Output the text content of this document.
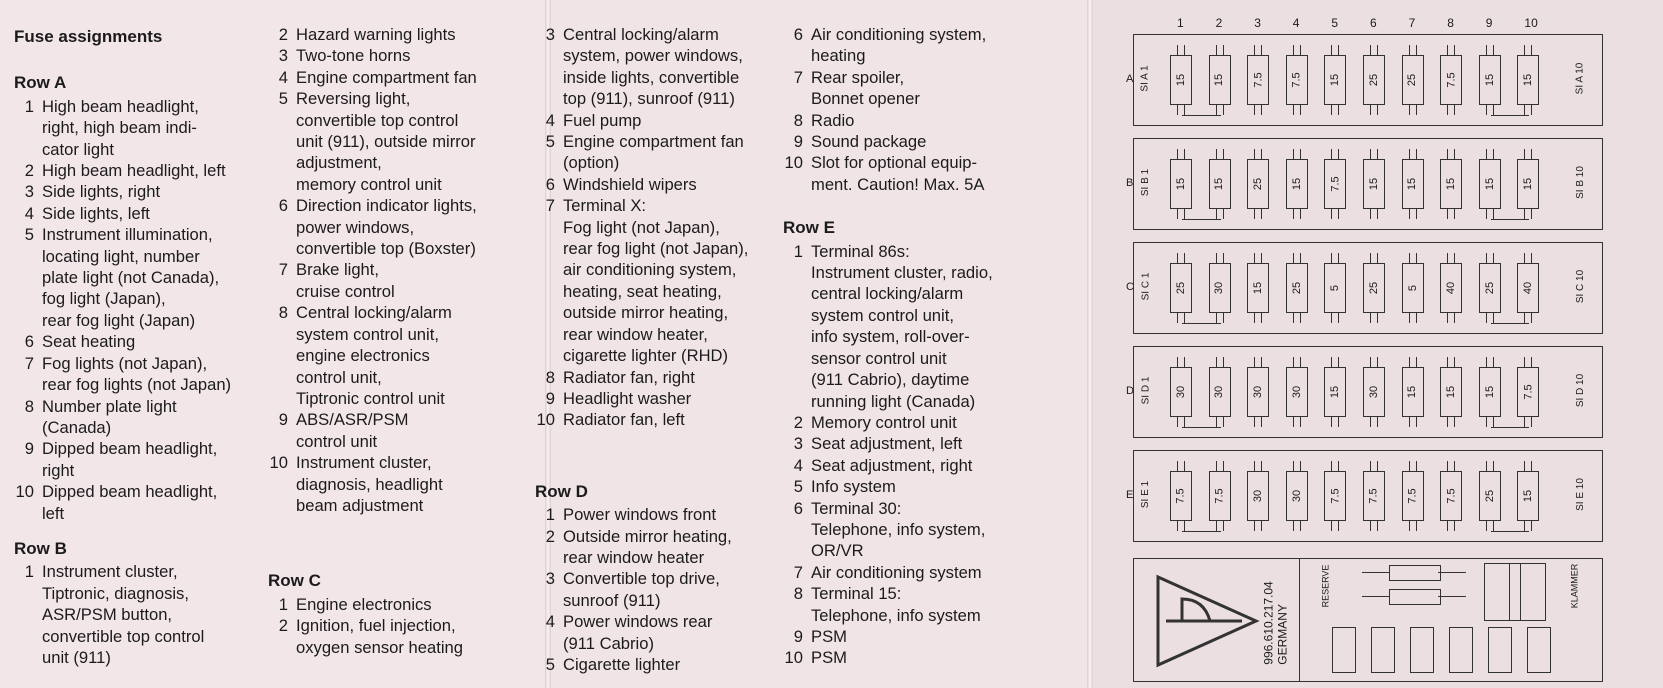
Fuse assignments
Row A
1 High beam headlight,
right, high beam indi-
cator light
2 High beam headlight, left
3 Side lights, right
4 Side lights, left
5 Instrument illumination,
locating light, number
plate light (not Canada),
fog light (Japan),
rear fog light (Japan)
6 Seat heating
7 Fog lights (not Japan),
rear fog lights (not Japan)
8 Number plate light
(Canada)
9 Dipped beam headlight,
right
10 Dipped beam headlight,
left
Row B
1 Instrument cluster,
Tiptronic, diagnosis,
ASR/PSM button,
convertible top control
unit (911)
2 Hazard warning lights
3 Two-tone horns
4 Engine compartment fan
5 Reversing light,
convertible top control
unit (911), outside mirror
adjustment,
memory control unit
6 Direction indicator lights,
power windows,
convertible top (Boxster)
7 Brake light,
cruise control
8 Central locking/alarm
system control unit,
engine electronics
control unit,
Tiptronic control unit
9 ABS/ASR/PSM
control unit
10 Instrument cluster,
diagnosis, headlight
beam adjustment
Row C
1 Engine electronics
2 Ignition, fuel injection,
oxygen sensor heating
3 Central locking/alarm
system, power windows,
inside lights, convertible
top (911), sunroof (911)
4 Fuel pump
5 Engine compartment fan
(option)
6 Windshield wipers
7 Terminal X:
Fog light (not Japan),
rear fog light (not Japan),
air conditioning system,
heating, seat heating,
outside mirror heating,
rear window heater,
cigarette lighter (RHD)
8 Radiator fan, right
9 Headlight washer
10 Radiator fan, left
Row D
1 Power windows front
2 Outside mirror heating,
rear window heater
3 Convertible top drive,
sunroof (911)
4 Power windows rear
(911 Cabrio)
5 Cigarette lighter
6 Air conditioning system,
heating
7 Rear spoiler,
Bonnet opener
8 Radio
9 Sound package
10 Slot for optional equip-
ment. Caution! Max. 5A
Row E
1 Terminal 86s:
Instrument cluster, radio,
central locking/alarm
system control unit,
info system, roll-over-
sensor control unit
(911 Cabrio), daytime
running light (Canada)
2 Memory control unit
3 Seat adjustment, left
4 Seat adjustment, right
5 Info system
6 Terminal 30:
Telephone, info system,
OR/VR
7 Air conditioning system
8 Terminal 15:
Telephone, info system
9 PSM
10 PSM
1	2	3	4	5	6	7	8	9	10
A SI A 1	SI A 10
15 15 7.5 7.5 15 25 25 7.5 15 15
B SI B 1	SI B 10
15 15 25 15 7.5 15 15 15 15 15
C SI C 1	SI C 10
25 30 15 25 5 25 5 40 25 40
D SI D 1	SI D 10
30 30 30 30 15 30 15 15 15 7.5
E SI E 1	SI E 10
7.5 7.5 30 30 7.5 7.5 7.5 7.5 25 15
996.610.217.04
GERMANY
RESERVE	KLAMMER
